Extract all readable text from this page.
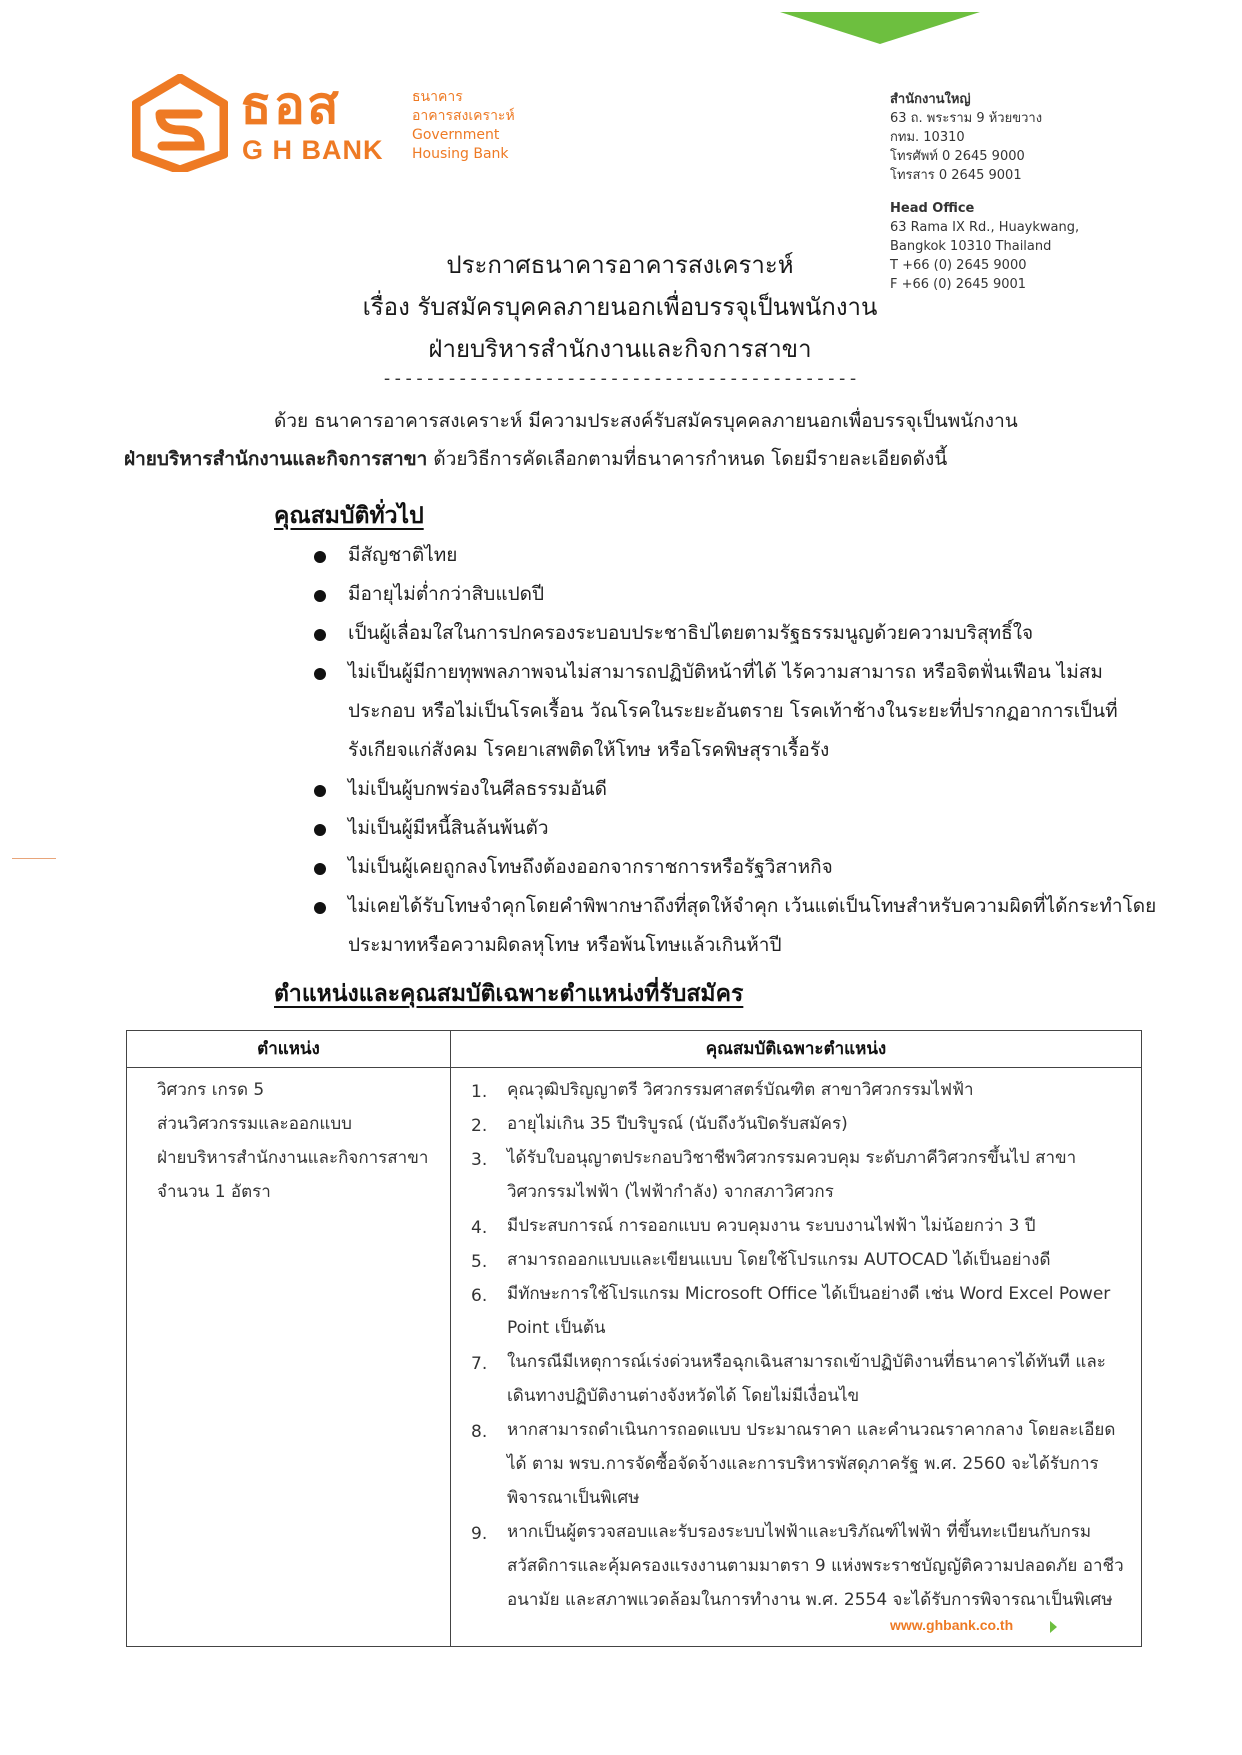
ธอส
G H BANK
ธนาคาร
อาคารสงเคราะห์
Government
Housing Bank
สำนักงานใหญ่
63 ถ. พระราม 9 ห้วยขวาง
กทม. 10310
โทรศัพท์ 0 2645 9000
โทรสาร 0 2645 9001
Head Office
63 Rama IX Rd., Huaykwang,
Bangkok 10310 Thailand
T +66 (0) 2645 9000
F +66 (0) 2645 9001
ประกาศธนาคารอาคารสงเคราะห์
เรื่อง รับสมัครบุคคลภายนอกเพื่อบรรจุเป็นพนักงาน
ฝ่ายบริหารสำนักงานและกิจการสาขา
--------------------------------------------
ด้วย ธนาคารอาคารสงเคราะห์ มีความประสงค์รับสมัครบุคคลภายนอกเพื่อบรรจุเป็นพนักงาน
ฝ่ายบริหารสำนักงานและกิจการสาขา ด้วยวิธีการคัดเลือกตามที่ธนาคารกำหนด โดยมีรายละเอียดดังนี้
คุณสมบัติทั่วไป
มีสัญชาติไทย
มีอายุไม่ต่ำกว่าสิบแปดปี
เป็นผู้เลื่อมใสในการปกครองระบอบประชาธิปไตยตามรัฐธรรมนูญด้วยความบริสุทธิ์ใจ
ไม่เป็นผู้มีกายทุพพลภาพจนไม่สามารถปฏิบัติหน้าที่ได้ ไร้ความสามารถ หรือจิตฟั่นเฟือน ไม่สมประกอบ หรือไม่เป็นโรคเรื้อน วัณโรคในระยะอันตราย โรคเท้าช้างในระยะที่ปรากฏอาการเป็นที่รังเกียจแก่สังคม โรคยาเสพติดให้โทษ หรือโรคพิษสุราเรื้อรัง
ไม่เป็นผู้บกพร่องในศีลธรรมอันดี
ไม่เป็นผู้มีหนี้สินล้นพ้นตัว
ไม่เป็นผู้เคยถูกลงโทษถึงต้องออกจากราชการหรือรัฐวิสาหกิจ
ไม่เคยได้รับโทษจำคุกโดยคำพิพากษาถึงที่สุดให้จำคุก เว้นแต่เป็นโทษสำหรับความผิดที่ได้กระทำโดยประมาทหรือความผิดลหุโทษ หรือพ้นโทษแล้วเกินห้าปี
ตำแหน่งและคุณสมบัติเฉพาะตำแหน่งที่รับสมัคร
ตำแหน่ง	คุณสมบัติเฉพาะตำแหน่ง
วิศวกร เกรด 5
ส่วนวิศวกรรมและออกแบบ
ฝ่ายบริหารสำนักงานและกิจการสาขา
จำนวน 1 อัตรา
1. คุณวุฒิปริญญาตรี วิศวกรรมศาสตร์บัณฑิต สาขาวิศวกรรมไฟฟ้า
2. อายุไม่เกิน 35 ปีบริบูรณ์ (นับถึงวันปิดรับสมัคร)
3. ได้รับใบอนุญาตประกอบวิชาชีพวิศวกรรมควบคุม ระดับภาคีวิศวกรขึ้นไป สาขาวิศวกรรมไฟฟ้า (ไฟฟ้ากำลัง) จากสภาวิศวกร
4. มีประสบการณ์ การออกแบบ ควบคุมงาน ระบบงานไฟฟ้า ไม่น้อยกว่า 3 ปี
5. สามารถออกแบบและเขียนแบบ โดยใช้โปรแกรม AUTOCAD ได้เป็นอย่างดี
6. มีทักษะการใช้โปรแกรม Microsoft Office ได้เป็นอย่างดี เช่น Word Excel Power Point เป็นต้น
7. ในกรณีมีเหตุการณ์เร่งด่วนหรือฉุกเฉินสามารถเข้าปฏิบัติงานที่ธนาคารได้ทันที และเดินทางปฏิบัติงานต่างจังหวัดได้ โดยไม่มีเงื่อนไข
8. หากสามารถดำเนินการถอดแบบ ประมาณราคา และคำนวณราคากลาง โดยละเอียดได้ ตาม พรบ.การจัดซื้อจัดจ้างและการบริหารพัสดุภาครัฐ พ.ศ. 2560 จะได้รับการพิจารณาเป็นพิเศษ
9. หากเป็นผู้ตรวจสอบและรับรองระบบไฟฟ้าและบริภัณฑ์ไฟฟ้า ที่ขึ้นทะเบียนกับกรมสวัสดิการและคุ้มครองแรงงานตามมาตรา 9 แห่งพระราชบัญญัติความปลอดภัย อาชีวอนามัย และสภาพแวดล้อมในการทำงาน พ.ศ. 2554 จะได้รับการพิจารณาเป็นพิเศษ
www.ghbank.co.th
